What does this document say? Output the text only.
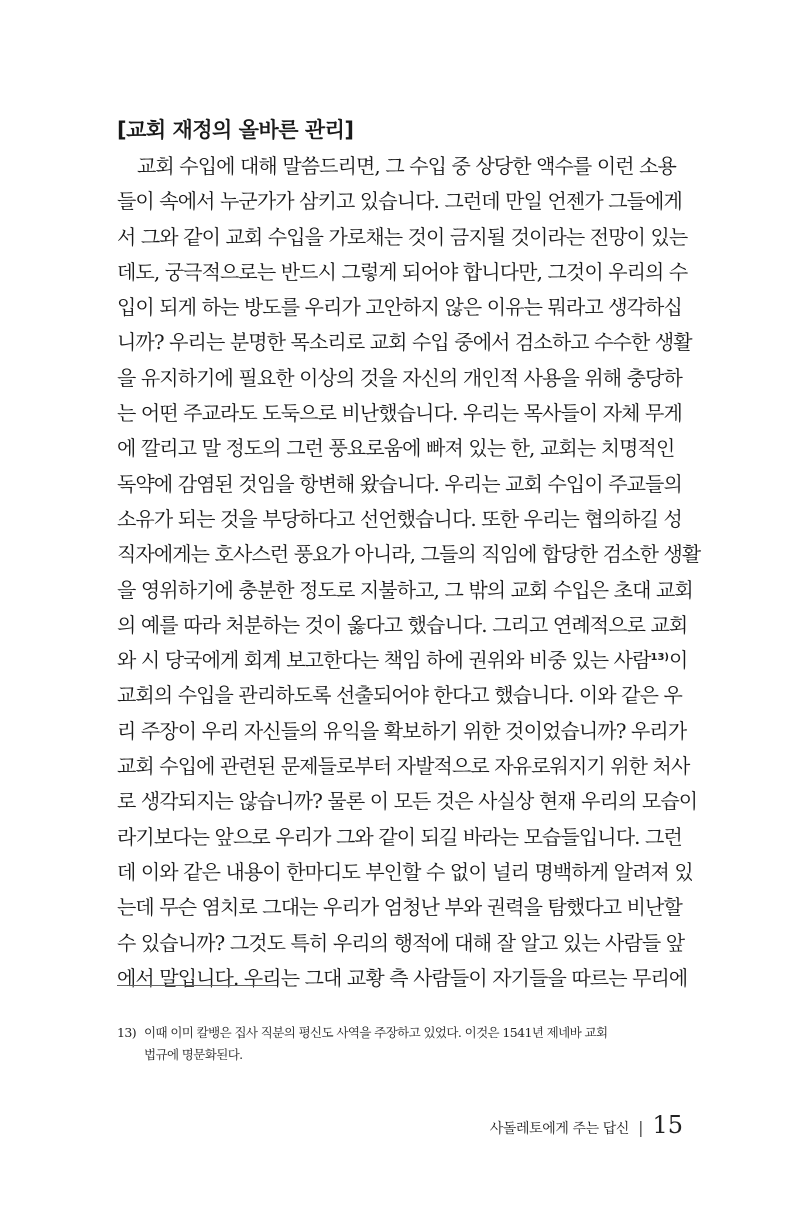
[교회 재정의 올바른 관리]

교회 수입에 대해 말씀드리면, 그 수입 중 상당한 액수를 이런 소용

들이 속에서 누군가가 삼키고 있습니다. 그런데 만일 언젠가 그들에게

서 그와 같이 교회 수입을 가로채는 것이 금지될 것이라는 전망이 있는

데도, 궁극적으로는 반드시 그렇게 되어야 합니다만, 그것이 우리의 수

입이 되게 하는 방도를 우리가 고안하지 않은 이유는 뭐라고 생각하십

니까? 우리는 분명한 목소리로 교회 수입 중에서 검소하고 수수한 생활

을 유지하기에 필요한 이상의 것을 자신의 개인적 사용을 위해 충당하

는 어떤 주교라도 도둑으로 비난했습니다. 우리는 목사들이 자체 무게

에 깔리고 말 정도의 그런 풍요로움에 빠져 있는 한, 교회는 치명적인

독약에 감염된 것임을 항변해 왔습니다. 우리는 교회 수입이 주교들의

소유가 되는 것을 부당하다고 선언했습니다. 또한 우리는 협의하길 성

직자에게는 호사스런 풍요가 아니라, 그들의 직임에 합당한 검소한 생활

을 영위하기에 충분한 정도로 지불하고, 그 밖의 교회 수입은 초대 교회

의 예를 따라 처분하는 것이 옳다고 했습니다. 그리고 연례적으로 교회

와 시 당국에게 회계 보고한다는 책임 하에 권위와 비중 있는 사람$^{13)}$이

교회의 수입을 관리하도록 선출되어야 한다고 했습니다. 이와 같은 우

리 주장이 우리 자신들의 유익을 확보하기 위한 것이었습니까? 우리가

교회 수입에 관련된 문제들로부터 자발적으로 자유로워지기 위한 처사

로 생각되지는 않습니까? 물론 이 모든 것은 사실상 현재 우리의 모습이

라기보다는 앞으로 우리가 그와 같이 되길 바라는 모습들입니다. 그런

데 이와 같은 내용이 한마디도 부인할 수 없이 널리 명백하게 알려져 있

는데 무슨 염치로 그대는 우리가 엄청난 부와 권력을 탐했다고 비난할

수 있습니까? 그것도 특히 우리의 행적에 대해 잘 알고 있는 사람들 앞

에서 말입니다. 우리는 그대 교황 측 사람들이 자기들을 따르는 무리에

13) 이때 이미 칼뱅은 집사 직분의 평신도 사역을 주장하고 있었다. 이것은 1541년 제네바 교회
법규에 명문화된다.
사돌레토에게 주는 답신 | 15
